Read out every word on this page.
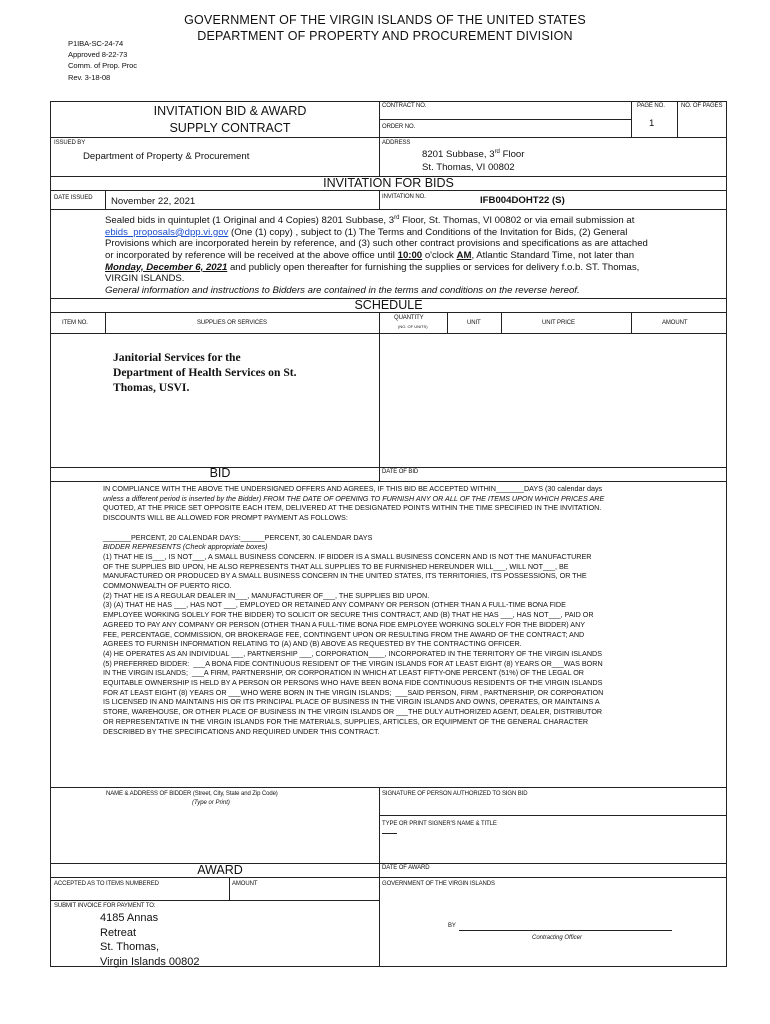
P1IBA-SC-24-74
Approved 8-22-73
Comm. of Prop. Proc
Rev. 3-18-08
GOVERNMENT OF THE VIRGIN ISLANDS OF THE UNITED STATES
DEPARTMENT OF PROPERTY AND PROCUREMENT DIVISION
INVITATION BID & AWARD
SUPPLY CONTRACT
CONTRACT NO.
ORDER NO.
PAGE NO.
1
NO. OF PAGES
ISSUED BY
Department of Property & Procurement
ADDRESS
8201 Subbase, 3rd Floor
St. Thomas, VI 00802
INVITATION FOR BIDS
DATE ISSUED November 22, 2021	INVITATION NO.	IFB004DOHT22 (S)
Sealed bids in quintuplet (1 Original and 4 Copies) 8201 Subbase, 3rd Floor, St. Thomas, VI 00802 or via email submission at
ebids_proposals@dpp.vi.gov (One (1) copy) , subject to (1) The Terms and Conditions of the Invitation for Bids, (2) General
Provisions which are incorporated herein by reference, and (3) such other contract provisions and specifications as are attached
or incorporated by reference will be received at the above office until 10:00 o'clock AM, Atlantic Standard Time, not later than
Monday, December 6, 2021 and publicly open thereafter for furnishing the supplies or services for delivery f.o.b. ST. Thomas,
VIRGIN ISLANDS.
General information and instructions to Bidders are contained in the terms and conditions on the reverse hereof.
SCHEDULE
ITEM NO.	SUPPLIES OR SERVICES
QUANTITY
(NO. OF UNITS)
UNIT	UNIT PRICE	AMOUNT
Janitorial Services for the
Department of Health Services on St.
Thomas, USVI.
BID	DATE OF BID
IN COMPLIANCE WITH THE ABOVE THE UNDERSIGNED OFFERS AND AGREES, IF THIS BID BE ACCEPTED WITHIN_______DAYS (30 calendar days
unless a different period is inserted by the Bidder) FROM THE DATE OF OPENING TO FURNISH ANY OR ALL OF THE ITEMS UPON WHICH PRICES ARE
QUOTED, AT THE PRICE SET OPPOSITE EACH ITEM, DELIVERED AT THE DESIGNATED POINTS WITHIN THE TIME SPECIFIED IN THE INVITATION.
DISCOUNTS WILL BE ALLOWED FOR PROMPT PAYMENT AS FOLLOWS:
_______PERCENT, 20 CALENDAR DAYS:______PERCENT, 30 CALENDAR DAYS
BIDDER REPRESENTS (Check appropriate boxes)
(1) THAT HE IS___, IS NOT___, A SMALL BUSINESS CONCERN. IF BIDDER IS A SMALL BUSINESS CONCERN AND IS NOT THE MANUFACTURER
OF THE SUPPLIES BID UPON, HE ALSO REPRESENTS THAT ALL SUPPLIES TO BE FURNISHED HEREUNDER WILL___, WILL NOT___, BE
MANUFACTURED OR PRODUCED BY A SMALL BUSINESS CONCERN IN THE UNITED STATES, ITS TERRITORIES, ITS POSSESSIONS, OR THE
COMMONWEALTH OF PUERTO RICO.
(2) THAT HE IS A REGULAR DEALER IN___, MANUFACTURER OF___, THE SUPPLIES BID UPON.
(3) (A) THAT HE HAS ___, HAS NOT ___, EMPLOYED OR RETAINED ANY COMPANY OR PERSON (OTHER THAN A FULL-TIME BONA FIDE
EMPLOYEE WORKING SOLELY FOR THE BIDDER) TO SOLICIT OR SECURE THIS CONTRACT, AND (B) THAT HE HAS ___, HAS NOT___, PAID OR
AGREED TO PAY ANY COMPANY OR PERSON (OTHER THAN A FULL-TIME BONA FIDE EMPLOYEE WORKING SOLELY FOR THE BIDDER) ANY
FEE, PERCENTAGE, COMMISSION, OR BROKERAGE FEE, CONTINGENT UPON OR RESULTING FROM THE AWARD OF THE CONTRACT; AND
AGREES TO FURNISH INFORMATION RELATING TO (A) AND (B) ABOVE AS REQUESTED BY THE CONTRACTING OFFICER.
(4) HE OPERATES AS AN INDIVIDUAL ___, PARTNERSHIP ___, CORPORATION____, INCORPORATED IN THE TERRITORY OF THE VIRGIN ISLANDS
(5) PREFERRED BIDDER:  ___A BONA FIDE CONTINUOUS RESIDENT OF THE VIRGIN ISLANDS FOR AT LEAST EIGHT (8) YEARS OR___WAS BORN
IN THE VIRGIN ISLANDS;  ___A FIRM, PARTNERSHIP, OR CORPORATION IN WHICH AT LEAST FIFTY-ONE PERCENT (51%) OF THE LEGAL OR
EQUITABLE OWNERSHIP IS HELD BY A PERSON OR PERSONS WHO HAVE BEEN BONA FIDE CONTINUOUS RESIDENTS OF THE VIRGIN ISLANDS
FOR AT LEAST EIGHT (8) YEARS OR ___WHO WERE BORN IN THE VIRGIN ISLANDS;  ___SAID PERSON, FIRM , PARTNERSHIP, OR CORPORATION
IS LICENSED IN AND MAINTAINS HIS OR ITS PRINCIPAL PLACE OF BUSINESS IN THE VIRGIN ISLANDS AND OWNS, OPERATES, OR MAINTAINS A
STORE, WAREHOUSE, OR OTHER PLACE OF BUSINESS IN THE VIRGIN ISLANDS OR ___THE DULY AUTHORIZED AGENT, DEALER, DISTRIBUTOR
OR REPRESENTATIVE IN THE VIRGIN ISLANDS FOR THE MATERIALS, SUPPLIES, ARTICLES, OR EQUIPMENT OF THE GENERAL CHARACTER
DESCRIBED BY THE SPECIFICATIONS AND REQUIRED UNDER THIS CONTRACT.
NAME & ADDRESS OF BIDDER (Street, City, State and Zip Code)
(Type or Print)
SIGNATURE OF PERSON AUTHORIZED TO SIGN BID
TYPE OR PRINT SIGNER'S NAME & TITLE
AWARD	DATE OF AWARD
ACCEPTED AS TO ITEMS NUMBERED	AMOUNT	GOVERNMENT OF THE VIRGIN ISLANDS
SUBMIT INVOICE FOR PAYMENT TO:
4185 Annas
Retreat
St. Thomas,
Virgin Islands 00802
BY
Contracting Officer
